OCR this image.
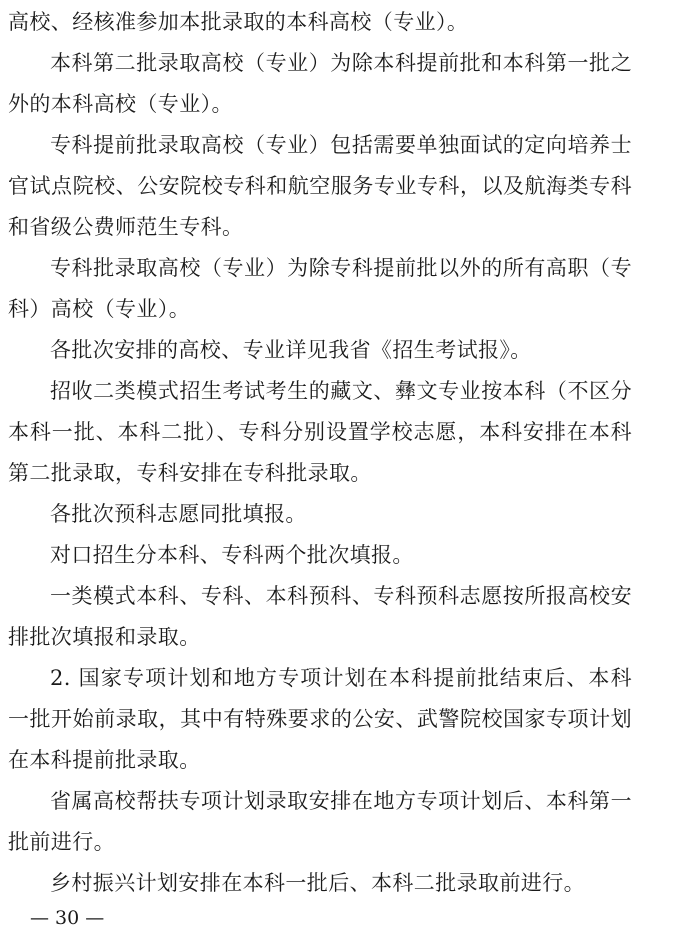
高校、经核准参加本批录取的本科高校（专业）。

本科第二批录取高校（专业）为除本科提前批和本科第一批之外的本科高校（专业）。

专科提前批录取高校（专业）包括需要单独面试的定向培养士官试点院校、公安院校专科和航空服务专业专科，以及航海类专科和省级公费师范生专科。

专科批录取高校（专业）为除专科提前批以外的所有高职（专科）高校（专业）。

各批次安排的高校、专业详见我省《招生考试报》。

招收二类模式招生考试考生的藏文、彝文专业按本科（不区分本科一批、本科二批）、专科分别设置学校志愿，本科安排在本科第二批录取，专科安排在专科批录取。

各批次预科志愿同批填报。

对口招生分本科、专科两个批次填报。

一类模式本科、专科、本科预科、专科预科志愿按所报高校安排批次填报和录取。

2. 国家专项计划和地方专项计划在本科提前批结束后、本科一批开始前录取，其中有特殊要求的公安、武警院校国家专项计划在本科提前批录取。

省属高校帮扶专项计划录取安排在地方专项计划后、本科第一批前进行。

乡村振兴计划安排在本科一批后、本科二批录取前进行。

— 30 —
